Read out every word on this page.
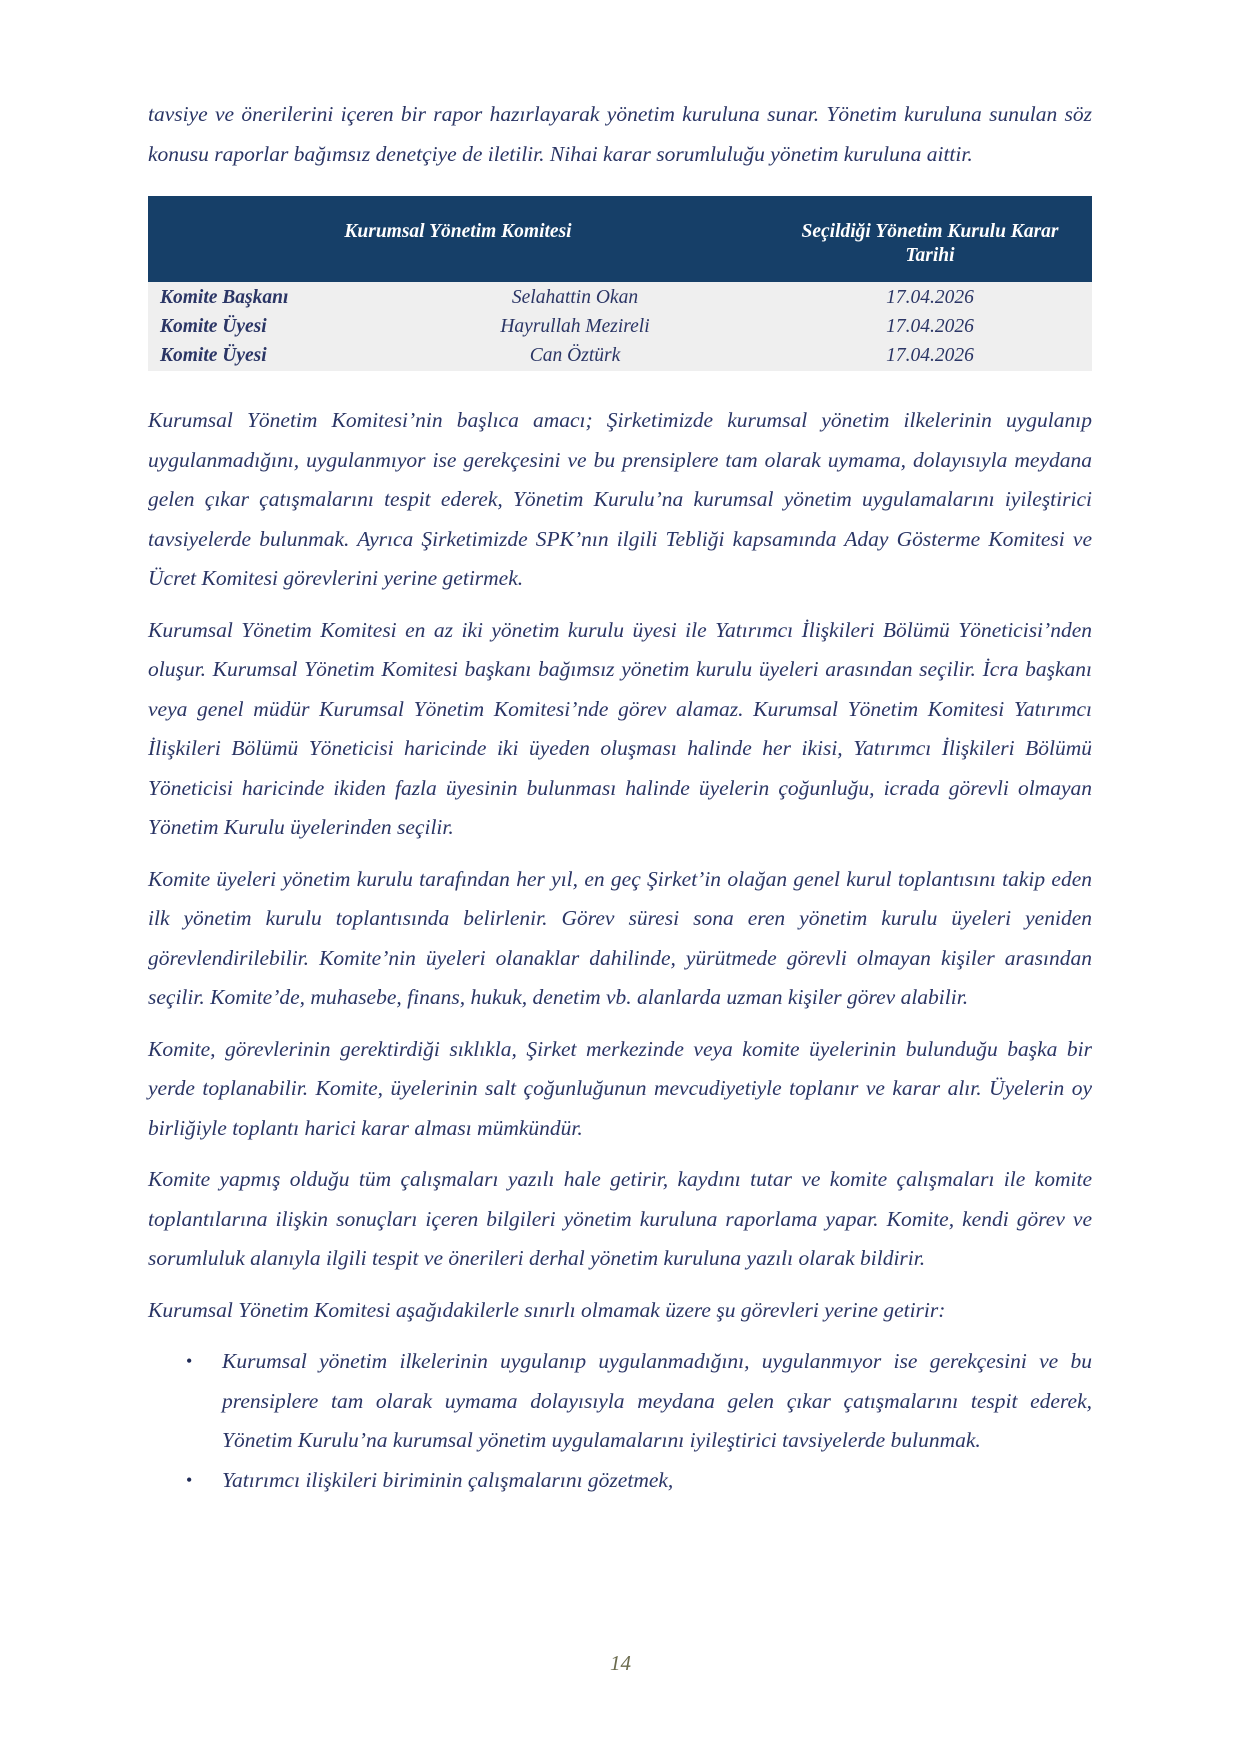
tavsiye ve önerilerini içeren bir rapor hazırlayarak yönetim kuruluna sunar. Yönetim kuruluna sunulan söz konusu raporlar bağımsız denetçiye de iletilir. Nihai karar sorumluluğu yönetim kuruluna aittir.

Kurumsal Yönetim Komitesi		Seçildiği Yönetim Kurulu Karar Tarihi
Komite Başkanı	Selahattin Okan	17.04.2026
Komite Üyesi	Hayrullah Mezireli	17.04.2026
Komite Üyesi	Can Öztürk	17.04.2026

Kurumsal Yönetim Komitesi’nin başlıca amacı; Şirketimizde kurumsal yönetim ilkelerinin uygulanıp uygulanmadığını, uygulanmıyor ise gerekçesini ve bu prensiplere tam olarak uymama, dolayısıyla meydana gelen çıkar çatışmalarını tespit ederek, Yönetim Kurulu’na kurumsal yönetim uygulamalarını iyileştirici tavsiyelerde bulunmak. Ayrıca Şirketimizde SPK’nın ilgili Tebliği kapsamında Aday Gösterme Komitesi ve Ücret Komitesi görevlerini yerine getirmek.

Kurumsal Yönetim Komitesi en az iki yönetim kurulu üyesi ile Yatırımcı İlişkileri Bölümü Yöneticisi’nden oluşur. Kurumsal Yönetim Komitesi başkanı bağımsız yönetim kurulu üyeleri arasından seçilir. İcra başkanı veya genel müdür Kurumsal Yönetim Komitesi’nde görev alamaz. Kurumsal Yönetim Komitesi Yatırımcı İlişkileri Bölümü Yöneticisi haricinde iki üyeden oluşması halinde her ikisi, Yatırımcı İlişkileri Bölümü Yöneticisi haricinde ikiden fazla üyesinin bulunması halinde üyelerin çoğunluğu, icrada görevli olmayan Yönetim Kurulu üyelerinden seçilir.

Komite üyeleri yönetim kurulu tarafından her yıl, en geç Şirket’in olağan genel kurul toplantısını takip eden ilk yönetim kurulu toplantısında belirlenir. Görev süresi sona eren yönetim kurulu üyeleri yeniden görevlendirilebilir. Komite’nin üyeleri olanaklar dahilinde, yürütmede görevli olmayan kişiler arasından seçilir. Komite’de, muhasebe, finans, hukuk, denetim vb. alanlarda uzman kişiler görev alabilir.

Komite, görevlerinin gerektirdiği sıklıkla, Şirket merkezinde veya komite üyelerinin bulunduğu başka bir yerde toplanabilir. Komite, üyelerinin salt çoğunluğunun mevcudiyetiyle toplanır ve karar alır. Üyelerin oy birliğiyle toplantı harici karar alması mümkündür.

Komite yapmış olduğu tüm çalışmaları yazılı hale getirir, kaydını tutar ve komite çalışmaları ile komite toplantılarına ilişkin sonuçları içeren bilgileri yönetim kuruluna raporlama yapar. Komite, kendi görev ve sorumluluk alanıyla ilgili tespit ve önerileri derhal yönetim kuruluna yazılı olarak bildirir.

Kurumsal Yönetim Komitesi aşağıdakilerle sınırlı olmamak üzere şu görevleri yerine getirir:

• Kurumsal yönetim ilkelerinin uygulanıp uygulanmadığını, uygulanmıyor ise gerekçesini ve bu prensiplere tam olarak uymama dolayısıyla meydana gelen çıkar çatışmalarını tespit ederek, Yönetim Kurulu’na kurumsal yönetim uygulamalarını iyileştirici tavsiyelerde bulunmak.
• Yatırımcı ilişkileri biriminin çalışmalarını gözetmek,
14
